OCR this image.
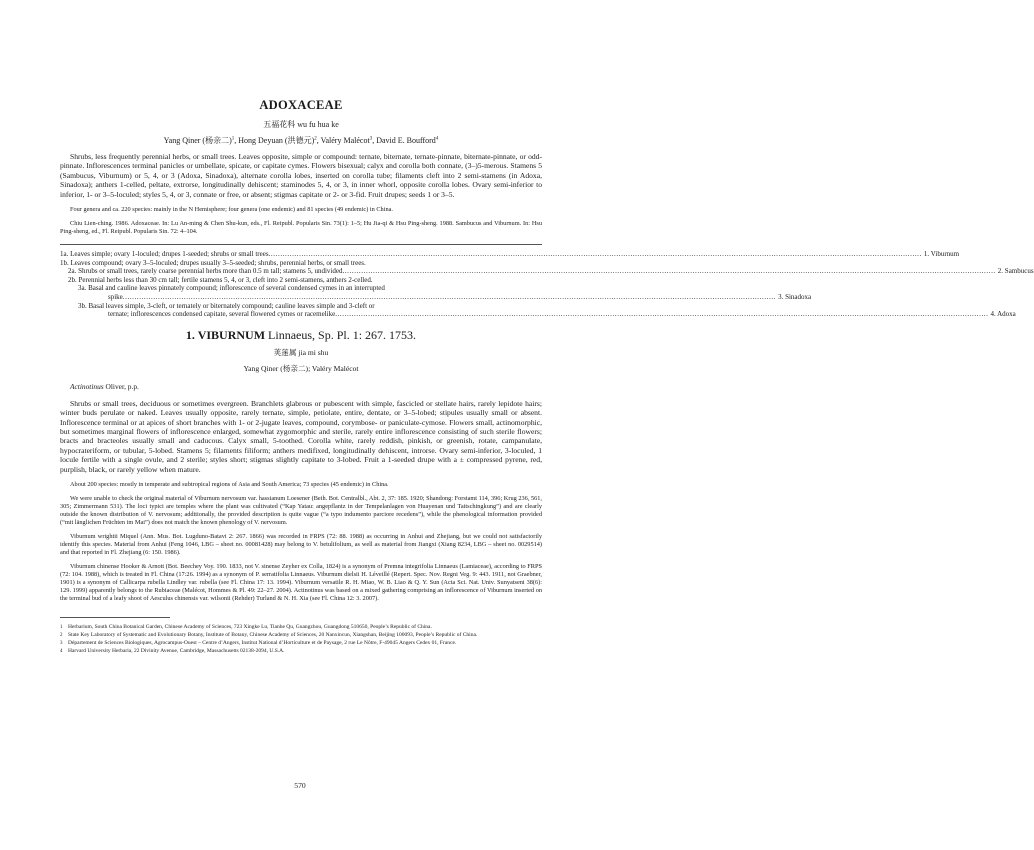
ADOXACEAE
五福花科 wu fu hua ke
Yang Qiner (杨亲二)$^1$, Hong Deyuan (洪德元)$^2$, Valéry Malécot$^3$, David E. Boufford$^4$

Shrubs, less frequently perennial herbs, or small trees. Leaves opposite, simple or compound: ternate, biternate, ternate-pinnate, biternate-pinnate, or odd-pinnate. Inflorescences terminal panicles or umbellate, spicate, or capitate cymes. Flowers bisexual; calyx and corolla both connate, (3–)5-merous. Stamens 5 (Sambucus, Viburnum) or 5, 4, or 3 (Adoxa, Sinadoxa), alternate corolla lobes, inserted on corolla tube; filaments cleft into 2 semi-stamens (in Adoxa, Sinadoxa); anthers 1-celled, peltate, extrorse, longitudinally dehiscent; staminodes 5, 4, or 3, in inner whorl, opposite corolla lobes. Ovary semi-inferior to inferior, 1- or 3–5-loculed; styles 5, 4, or 3, connate or free, or absent; stigmas capitate or 2- or 3-fid. Fruit drupes; seeds 1 or 3–5.

Four genera and ca. 220 species: mainly in the N Hemisphere; four genera (one endemic) and 81 species (49 endemic) in China.

Chiu Lien-ching. 1986. Adoxaceae. In: Lu An-ming & Chen Shu-kun, eds., Fl. Reipubl. Popularis Sin. 73(1): 1–5; Hu Jia-qi & Hsu Ping-sheng. 1988. Sambucus and Viburnum. In: Hsu Ping-sheng, ed., Fl. Reipubl. Popularis Sin. 72: 4–104.

1a. Leaves simple; ovary 1-loculed; drupes 1-seeded; shrubs or small trees .....	1. Viburnum
1b. Leaves compound; ovary 3–5-loculed; drupes usually 3–5-seeded; shrubs, perennial herbs, or small trees.
2a. Shrubs or small trees, rarely coarse perennial herbs more than 0.5 m tall; stamens 5, undivided .....	2. Sambucus
2b. Perennial herbs less than 30 cm tall; fertile stamens 5, 4, or 3, cleft into 2 semi-stamens, anthers 2-celled.
3a. Basal and cauline leaves pinnately compound; inflorescence of several condensed cymes in an interrupted
spike .....	3. Sinadoxa
3b. Basal leaves simple, 3-cleft, or ternately or biternately compound; cauline leaves simple and 3-cleft or
ternate; inflorescences condensed capitate, several flowered cymes or racemelike .....	4. Adoxa
1. VIBURNUM Linnaeus, Sp. Pl. 1: 267. 1753.
荚蒾属 jia mi shu
Yang Qiner (杨亲二); Valéry Malécot
Actinotinus Oliver, p.p.

Shrubs or small trees, deciduous or sometimes evergreen. Branchlets glabrous or pubescent with simple, fascicled or stellate hairs, rarely lepidote hairs; winter buds perulate or naked. Leaves usually opposite, rarely ternate, simple, petiolate, entire, dentate, or 3–5-lobed; stipules usually small or absent. Inflorescence terminal or at apices of short branches with 1- or 2-jugate leaves, compound, corymbose- or paniculate-cymose. Flowers small, actinomorphic, but sometimes marginal flowers of inflorescence enlarged, somewhat zygomorphic and sterile, rarely entire inflorescence consisting of such sterile flowers; bracts and bracteoles usually small and caducous. Calyx small, 5-toothed. Corolla white, rarely reddish, pinkish, or greenish, rotate, campanulate, hypocrateriform, or tubular, 5-lobed. Stamens 5; filaments filiform; anthers medifixed, longitudinally dehiscent, introrse. Ovary semi-inferior, 3-loculed, 1 locule fertile with a single ovule, and 2 sterile; styles short; stigmas slightly capitate to 3-lobed. Fruit a 1-seeded drupe with a ± compressed pyrene, red, purplish, black, or rarely yellow when mature.

About 200 species: mostly in temperate and subtropical regions of Asia and South America; 73 species (45 endemic) in China.

We were unable to check the original material of Viburnum nervosum var. hassianum Loesener (Beih. Bot. Centralbl., Abt. 2, 37: 185. 1920; Shandong: Forstamt 114, 396; Krug 236, 561, 305; Zimmermann 531). The loci typici are temples where the plant was cultivated (“Kap Yatau: angepflantz in der Tempelanlagen von Huayenan und Taitschingkung”) and are clearly outside the known distribution of V. nervosum; additionally, the provided description is quite vague (“a typo indumento parciore recedens”), while the phenological information provided (“mit länglichen Früchten im Mai”) does not match the known phenology of V. nervosum.

Viburnum wrightii Miquel (Ann. Mus. Bot. Lugduno-Batavi 2: 267. 1866) was recorded in FRPS (72: 88. 1988) as occurring in Anhui and Zhejiang, but we could not satisfactorily identify this species. Material from Anhui (Feng 1046, LBG – sheet no. 00081428) may belong to V. betulifolium, as well as material from Jiangxi (Xiang 8234, LBG – sheet no. 0029514) and that reported in Fl. Zhejiang (6: 150. 1986).

Viburnum chinense Hooker & Arnott (Bot. Beechey Voy. 190. 1833, not V. sinense Zeyher ex Colla, 1824) is a synonym of Premna integrifolia Linnaeus (Lamiaceae), according to FRPS (72: 104. 1988), which is treated in Fl. China (17:26. 1994) as a synonym of P. serratifolia Linnaeus. Viburnum dielsii H. Léveillé (Repert. Spec. Nov. Regni Veg. 9: 443. 1911, not Graebner, 1901) is a synonym of Callicarpa rubella Lindley var. rubella (see Fl. China 17: 13. 1994). Viburnum versatile R. H. Miao, W. B. Liao & Q. Y. Sun (Acta Sci. Nat. Univ. Sunyatseni 38(6): 129. 1999) apparently belongs to the Rubiaceae (Malécot, Hommes & Pl. 49: 22–27. 2004). Actinotinus was based on a mixed gathering comprising an inflorescence of Viburnum inserted on the terminal bud of a leafy shoot of Aesculus chinensis var. wilsonii (Rehder) Turland & N. H. Xia (see Fl. China 12: 3. 2007).

1	Herbarium, South China Botanical Garden, Chinese Academy of Sciences, 723 Xingke Lu, Tianhe Qu, Guangzhou, Guangdong 510650, People’s Republic of China.
2	State Key Laboratory of Systematic and Evolutionary Botany, Institute of Botany, Chinese Academy of Sciences, 20 Nanxincun, Xiangshan, Beijing 100093, People’s Republic of China.
3	Département de Sciences Biologiques, Agrocampus-Ouest – Centre d’Angers, Institut National d’Horticulture et de Paysage, 2 rue Le Nôtre, F-49045 Angers Cedex 01, France.
4	Harvard University Herbaria, 22 Divinity Avenue, Cambridge, Massachusetts 02138-2094, U.S.A.
570
